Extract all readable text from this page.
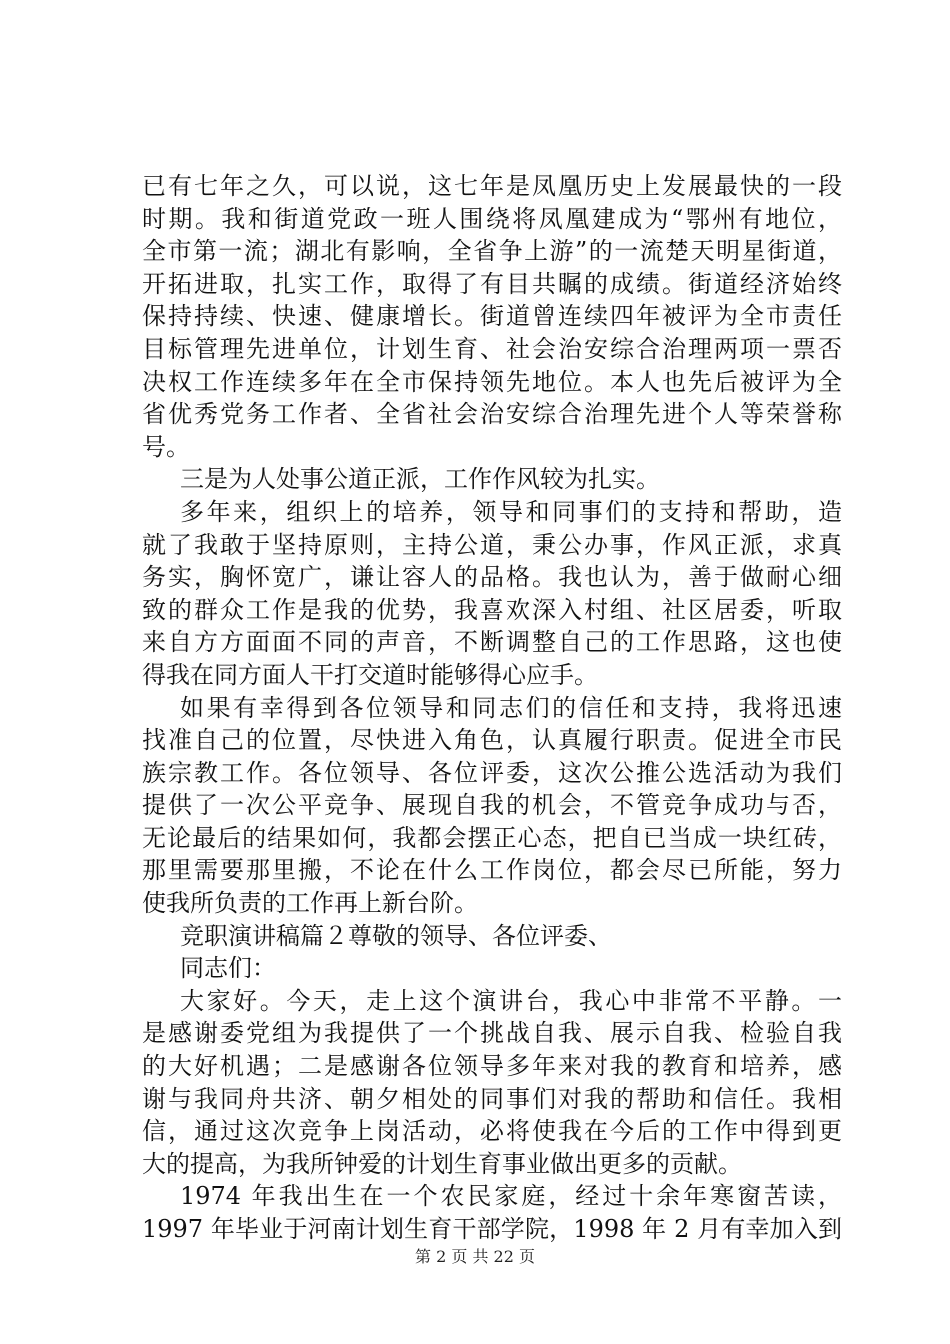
已有七年之久，可以说，这七年是凤凰历史上发展最快的一段
时期。我和街道党政一班人围绕将凤凰建成为“鄂州有地位，
全市第一流；湖北有影响，全省争上游”的一流楚天明星街道，
开拓进取，扎实工作，取得了有目共瞩的成绩。街道经济始终
保持持续、快速、健康增长。街道曾连续四年被评为全市责任
目标管理先进单位，计划生育、社会治安综合治理两项一票否
决权工作连续多年在全市保持领先地位。本人也先后被评为全
省优秀党务工作者、全省社会治安综合治理先进个人等荣誉称
号。
三是为人处事公道正派，工作作风较为扎实。
多年来，组织上的培养，领导和同事们的支持和帮助，造
就了我敢于坚持原则，主持公道，秉公办事，作风正派，求真
务实，胸怀宽广，谦让容人的品格。我也认为，善于做耐心细
致的群众工作是我的优势，我喜欢深入村组、社区居委，听取
来自方方面面不同的声音，不断调整自己的工作思路，这也使
得我在同方面人干打交道时能够得心应手。
如果有幸得到各位领导和同志们的信任和支持，我将迅速
找准自己的位置，尽快进入角色，认真履行职责。促进全市民
族宗教工作。各位领导、各位评委，这次公推公选活动为我们
提供了一次公平竞争、展现自我的机会，不管竞争成功与否，
无论最后的结果如何，我都会摆正心态，把自已当成一块红砖，
那里需要那里搬，不论在什么工作岗位，都会尽已所能，努力
使我所负责的工作再上新台阶。
竞职演讲稿篇２尊敬的领导、各位评委、
同志们：
大家好。今天，走上这个演讲台，我心中非常不平静。一
是感谢委党组为我提供了一个挑战自我、展示自我、检验自我
的大好机遇；二是感谢各位领导多年来对我的教育和培养，感
谢与我同舟共济、朝夕相处的同事们对我的帮助和信任。我相
信，通过这次竞争上岗活动，必将使我在今后的工作中得到更
大的提高，为我所钟爱的计划生育事业做出更多的贡献。
1974 年我出生在一个农民家庭，经过十余年寒窗苦读，
1997 年毕业于河南计划生育干部学院，1998 年 2 月有幸加入到
第 2 页 共 22 页
